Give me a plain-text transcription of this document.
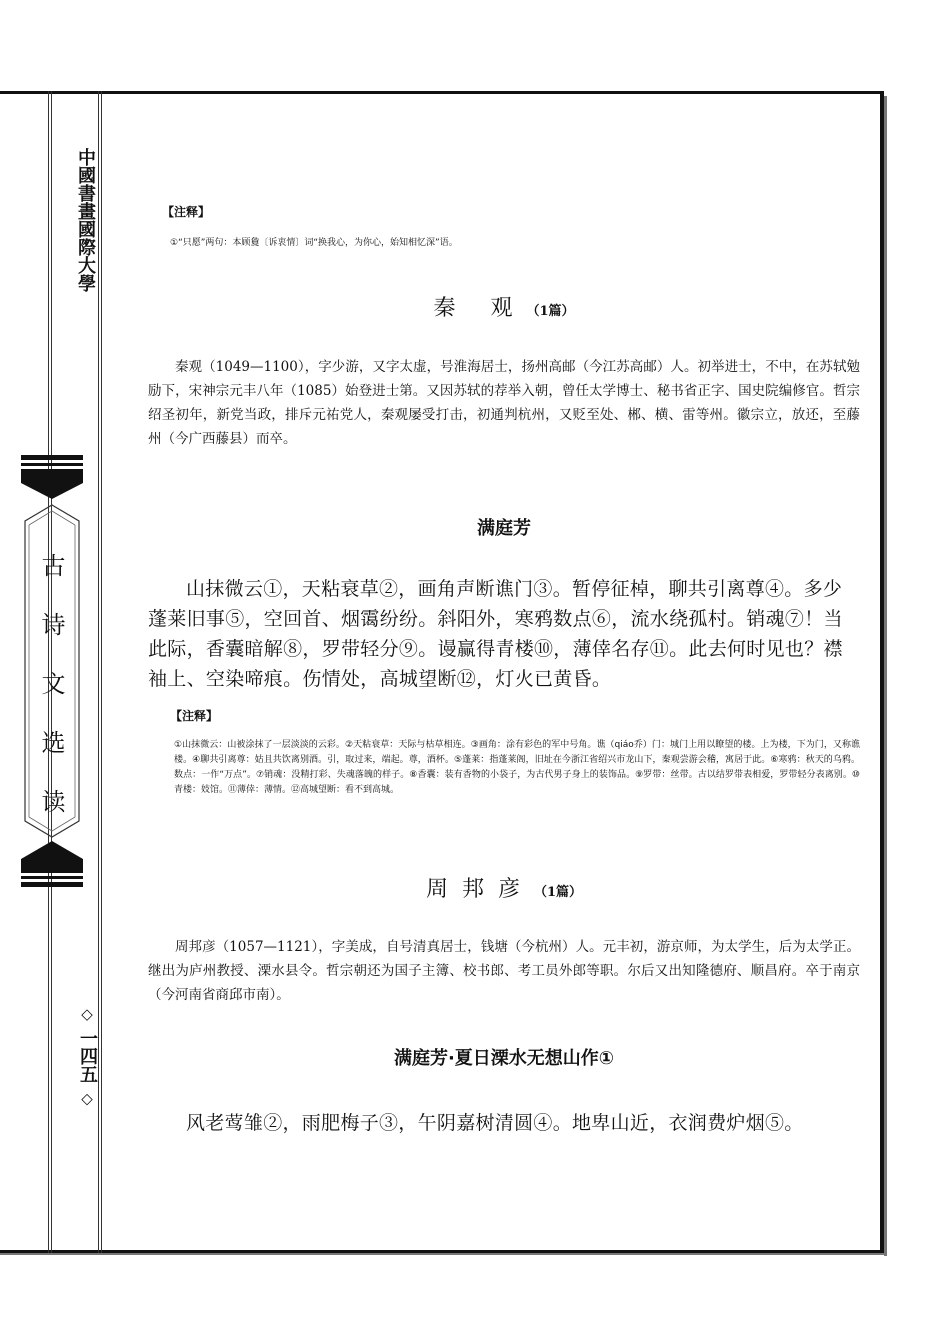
中國書畫國際大學
古诗文选读
◇ 一四五 ◇
【注释】
①“只愿”两句：本顾敻〔诉衷情〕词“换我心，为你心，始知相忆深”语。
秦 观（1篇）
秦观（1049—1100），字少游，又字太虚，号淮海居士，扬州高邮（今江苏高邮）人。初举进士，不中，在苏轼勉励下，宋神宗元丰八年（1085）始登进士第。又因苏轼的荐举入朝，曾任太学博士、秘书省正字、国史院编修官。哲宗绍圣初年，新党当政，排斥元祐党人，秦观屡受打击，初通判杭州，又贬至处、郴、横、雷等州。徽宗立，放还，至藤州（今广西藤县）而卒。
满庭芳
山抹微云①，天粘衰草②，画角声断谯门③。暂停征棹，聊共引离尊④。多少蓬莱旧事⑤，空回首、烟霭纷纷。斜阳外，寒鸦数点⑥，流水绕孤村。销魂⑦！当此际，香囊暗解⑧，罗带轻分⑨。谩赢得青楼⑩，薄倖名存⑪。此去何时见也？襟袖上、空染啼痕。伤情处，高城望断⑫，灯火已黄昏。
【注释】
①山抹微云：山被涂抹了一层淡淡的云彩。②天粘衰草：天际与枯草相连。③画角：涂有彩色的军中号角。谯（qiáo乔）门：城门上用以瞭望的楼。上为楼，下为门，又称谯楼。④聊共引离尊：姑且共饮离别酒。引，取过来，端起。尊，酒杯。⑤蓬莱：指蓬莱阁，旧址在今浙江省绍兴市龙山下，秦观尝游会稽，寓居于此。⑥寒鸦：秋天的乌鸦。数点：一作“万点”。⑦销魂：没精打彩、失魂落魄的样子。⑧香囊：装有香物的小袋子，为古代男子身上的装饰品。⑨罗带：丝带。古以结罗带表相爱，罗带轻分表离别。⑩青楼：妓馆。⑪薄倖：薄情。⑫高城望断：看不到高城。
周邦彦（1篇）
周邦彦（1057—1121），字美成，自号清真居士，钱塘（今杭州）人。元丰初，游京师，为太学生，后为太学正。继出为庐州教授、溧水县令。哲宗朝还为国子主簿、校书郎、考工员外郎等职。尔后又出知隆德府、顺昌府。卒于南京（今河南省商邱市南）。
满庭芳·夏日溧水无想山作①
风老莺雏②，雨肥梅子③，午阴嘉树清圆④。地卑山近，衣润费炉烟⑤。
